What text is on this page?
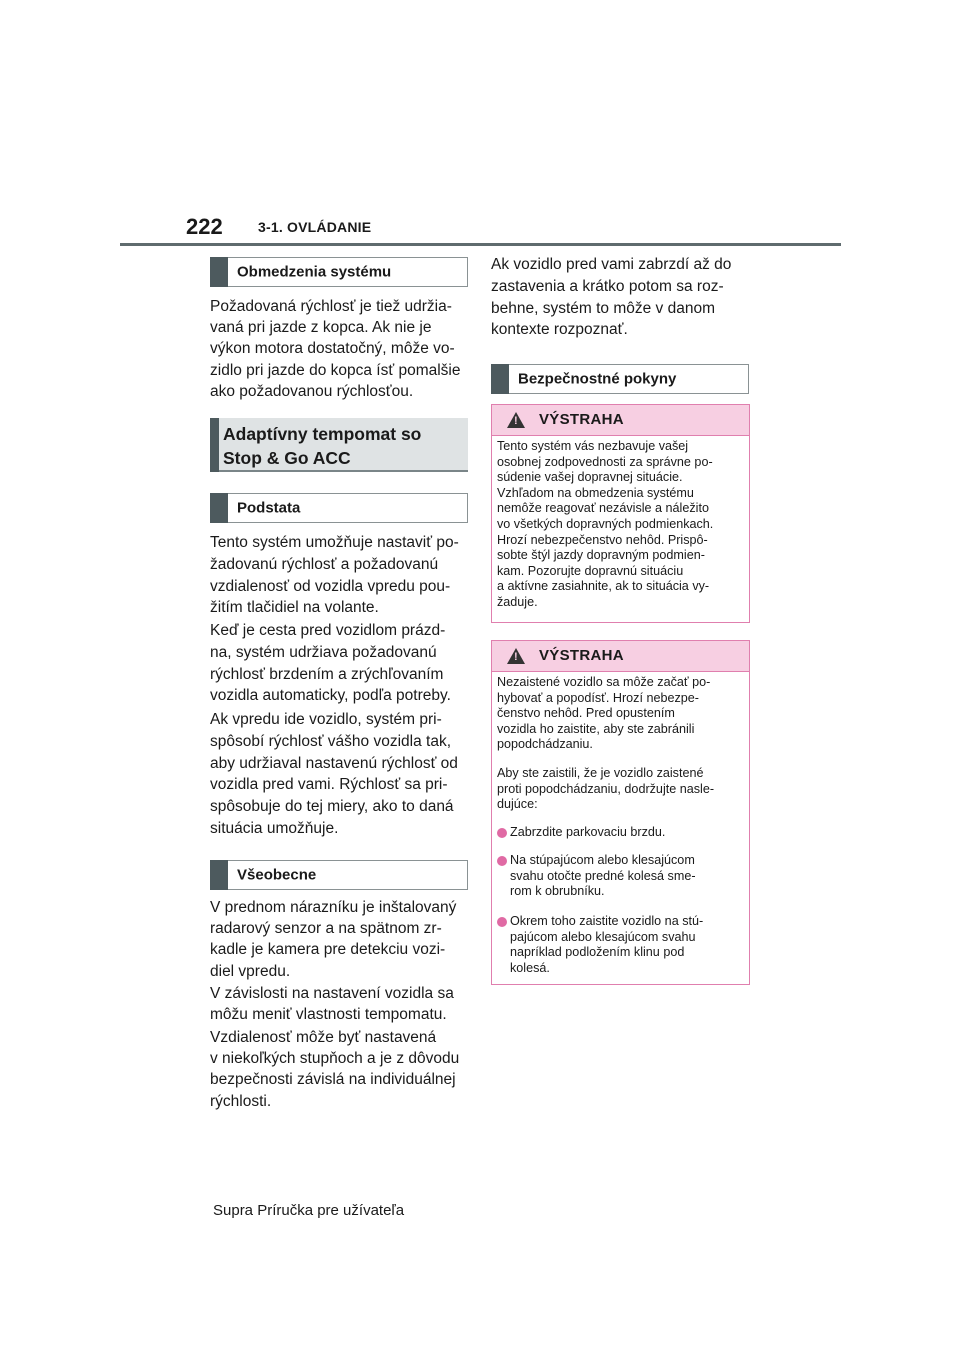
222	3-1. OVLÁDANIE
Obmedzenia systému
Požadovaná rýchlosť je tiež udržia-
vaná pri jazde z kopca. Ak nie je
výkon motora dostatočný, môže vo-
zidlo pri jazde do kopca ísť pomalšie
ako požadovanou rýchlosťou.
Adaptívny tempomat so
Stop & Go ACC
Podstata
Tento systém umožňuje nastaviť po-
žadovanú rýchlosť a požadovanú
vzdialenosť od vozidla vpredu pou-
žitím tlačidiel na volante.
Keď je cesta pred vozidlom prázd-
na, systém udržiava požadovanú
rýchlosť brzdením a zrýchľovaním
vozidla automaticky, podľa potreby.
Ak vpredu ide vozidlo, systém pri-
spôsobí rýchlosť vášho vozidla tak,
aby udržiaval nastavenú rýchlosť od
vozidla pred vami. Rýchlosť sa pri-
spôsobuje do tej miery, ako to daná
situácia umožňuje.
Všeobecne
V prednom nárazníku je inštalovaný
radarový senzor a na spätnom zr-
kadle je kamera pre detekciu vozi-
diel vpredu.
V závislosti na nastavení vozidla sa
môžu meniť vlastnosti tempomatu.
Vzdialenosť môže byť nastavená
v niekoľkých stupňoch a je z dôvodu
bezpečnosti závislá na individuálnej
rýchlosti.
Ak vozidlo pred vami zabrzdí až do
zastavenia a krátko potom sa roz-
behne, systém to môže v danom
kontexte rozpoznať.
Bezpečnostné pokyny
!
VÝSTRAHA
Tento systém vás nezbavuje vašej
osobnej zodpovednosti za správne po-
súdenie vašej dopravnej situácie.
Vzhľadom na obmedzenia systému
nemôže reagovať nezávisle a náležito
vo všetkých dopravných podmienkach.
Hrozí nebezpečenstvo nehôd. Prispô-
sobte štýl jazdy dopravným podmien-
kam. Pozorujte dopravnú situáciu
a aktívne zasiahnite, ak to situácia vy-
žaduje.
!
VÝSTRAHA
Nezaistené vozidlo sa môže začať po-
hybovať a popodísť. Hrozí nebezpe-
čenstvo nehôd. Pred opustením
vozidla ho zaistite, aby ste zabránili
popodchádzaniu.
Aby ste zaistili, že je vozidlo zaistené
proti popodchádzaniu, dodržujte nasle-
dujúce:
Zabrzdite parkovaciu brzdu.
Na stúpajúcom alebo klesajúcom
svahu otočte predné kolesá sme-
rom k obrubníku.
Okrem toho zaistite vozidlo na stú-
pajúcom alebo klesajúcom svahu
napríklad podložením klinu pod
kolesá.
Supra Príručka pre užívateľa
